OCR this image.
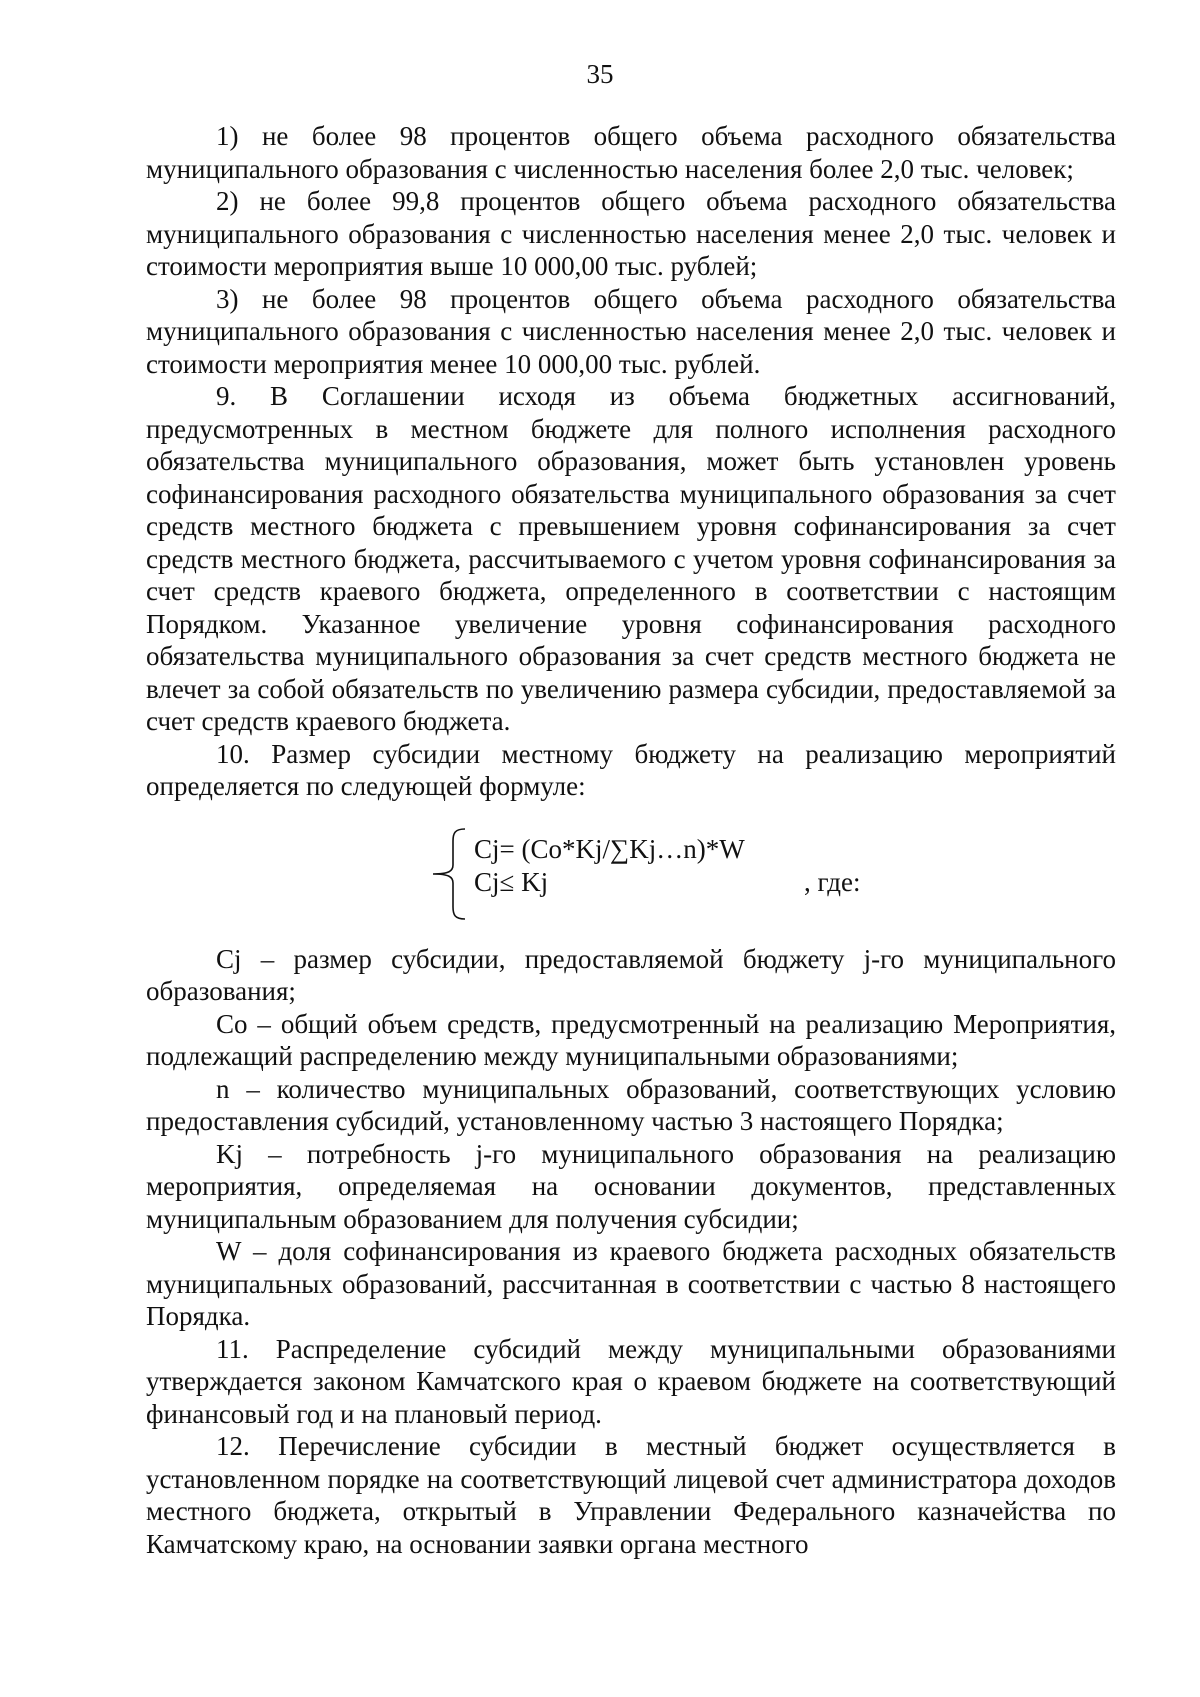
35

1) не более 98 процентов общего объема расходного обязательства муниципального образования с численностью населения более 2,0 тыс. человек;

2) не более 99,8 процентов общего объема расходного обязательства муниципального образования с численностью населения менее 2,0 тыс. человек и стоимости мероприятия выше 10 000,00 тыс. рублей;

3) не более 98 процентов общего объема расходного обязательства муниципального образования с численностью населения менее 2,0 тыс. человек и стоимости мероприятия менее 10 000,00 тыс. рублей.

9. В Соглашении исходя из объема бюджетных ассигнований, предусмотренных в местном бюджете для полного исполнения расходного обязательства муниципального образования, может быть установлен уровень софинансирования расходного обязательства муниципального образования за счет средств местного бюджета с превышением уровня софинансирования за счет средств местного бюджета, рассчитываемого с учетом уровня софинансирования за счет средств краевого бюджета, определенного в соответствии с настоящим Порядком. Указанное увеличение уровня софинансирования расходного обязательства муниципального образования за счет средств местного бюджета не влечет за собой обязательств по увеличению размера субсидии, предоставляемой за счет средств краевого бюджета.

10. Размер субсидии местному бюджету на реализацию мероприятий определяется по следующей формуле:

Cj= (Co*Kj/∑Kj…n)*W
Cj≤ Kj	, где:

Cj – размер субсидии, предоставляемой бюджету j-го муниципального образования;

Со – общий объем средств, предусмотренный на реализацию Мероприятия, подлежащий распределению между муниципальными образованиями;

n – количество муниципальных образований, соответствующих условию предоставления субсидий, установленному частью 3 настоящего Порядка;

Kj – потребность j-го муниципального образования на реализацию мероприятия, определяемая на основании документов, представленных муниципальным образованием для получения субсидии;

W – доля софинансирования из краевого бюджета расходных обязательств муниципальных образований, рассчитанная в соответствии с частью 8 настоящего Порядка.

11. Распределение субсидий между муниципальными образованиями утверждается законом Камчатского края о краевом бюджете на соответствующий финансовый год и на плановый период.

12. Перечисление субсидии в местный бюджет осуществляется в установленном порядке на соответствующий лицевой счет администратора доходов местного бюджета, открытый в Управлении Федерального казначейства по Камчатскому краю, на основании заявки органа местного
